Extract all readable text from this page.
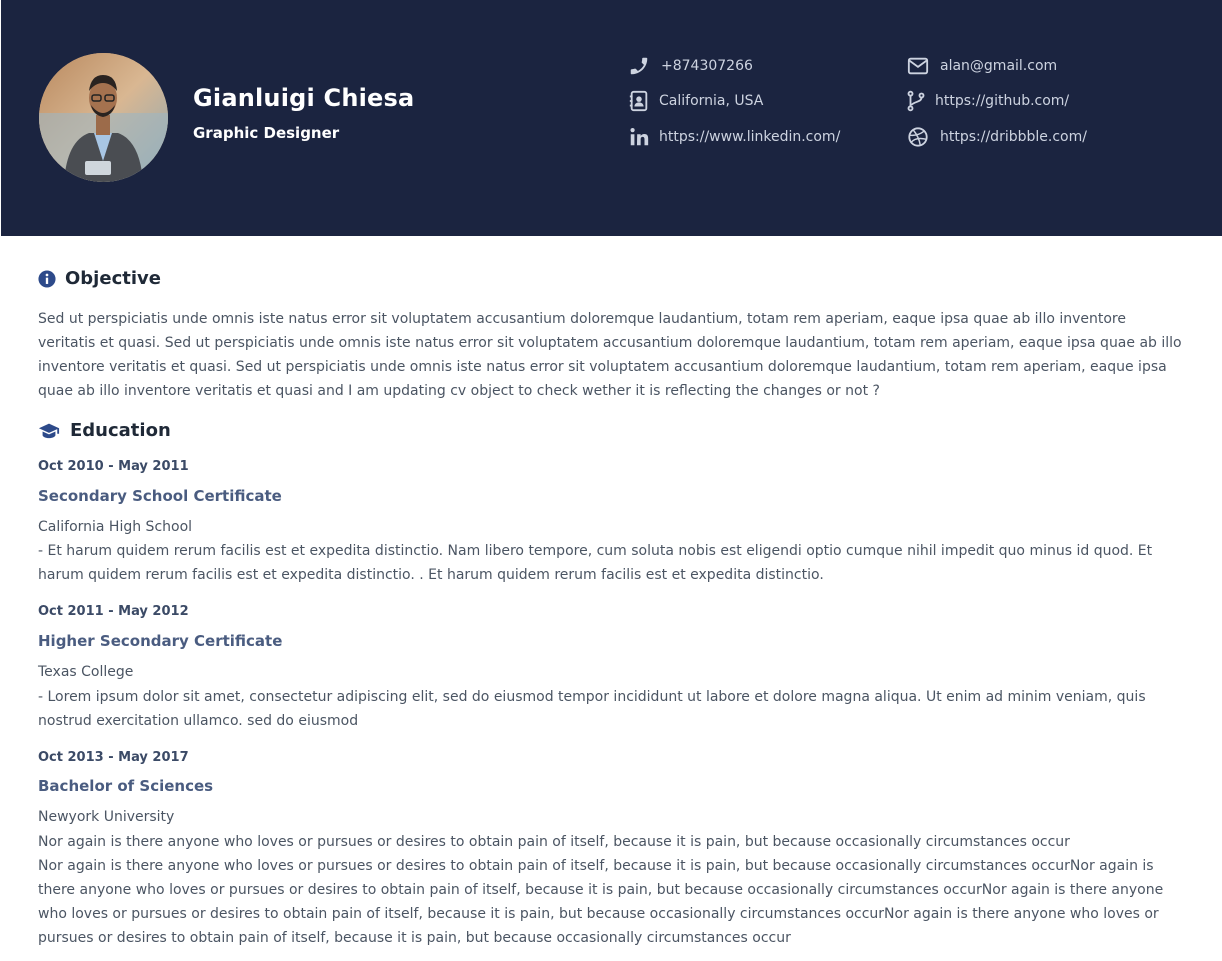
Gianluigi Chiesa
Graphic Designer
+874307266
California, USA
https://www.linkedin.com/
alan@gmail.com
https://github.com/
https://dribbble.com/
Objective
Sed ut perspiciatis unde omnis iste natus error sit voluptatem accusantium doloremque laudantium, totam rem aperiam, eaque ipsa quae ab illo inventore veritatis et quasi. Sed ut perspiciatis unde omnis iste natus error sit voluptatem accusantium doloremque laudantium, totam rem aperiam, eaque ipsa quae ab illo inventore veritatis et quasi. Sed ut perspiciatis unde omnis iste natus error sit voluptatem accusantium doloremque laudantium, totam rem aperiam, eaque ipsa quae ab illo inventore veritatis et quasi and I am updating cv object to check wether it is reflecting the changes or not ?
Education
Oct 2010 - May 2011
Secondary School Certificate
California High School
- Et harum quidem rerum facilis est et expedita distinctio. Nam libero tempore, cum soluta nobis est eligendi optio cumque nihil impedit quo minus id quod. Et harum quidem rerum facilis est et expedita distinctio. . Et harum quidem rerum facilis est et expedita distinctio.
Oct 2011 - May 2012
Higher Secondary Certificate
Texas College
- Lorem ipsum dolor sit amet, consectetur adipiscing elit, sed do eiusmod tempor incididunt ut labore et dolore magna aliqua. Ut enim ad minim veniam, quis nostrud exercitation ullamco. sed do eiusmod
Oct 2013 - May 2017
Bachelor of Sciences
Newyork University
Nor again is there anyone who loves or pursues or desires to obtain pain of itself, because it is pain, but because occasionally circumstances occur
Nor again is there anyone who loves or pursues or desires to obtain pain of itself, because it is pain, but because occasionally circumstances occurNor again is there anyone who loves or pursues or desires to obtain pain of itself, because it is pain, but because occasionally circumstances occurNor again is there anyone who loves or pursues or desires to obtain pain of itself, because it is pain, but because occasionally circumstances occurNor again is there anyone who loves or pursues or desires to obtain pain of itself, because it is pain, but because occasionally circumstances occur
